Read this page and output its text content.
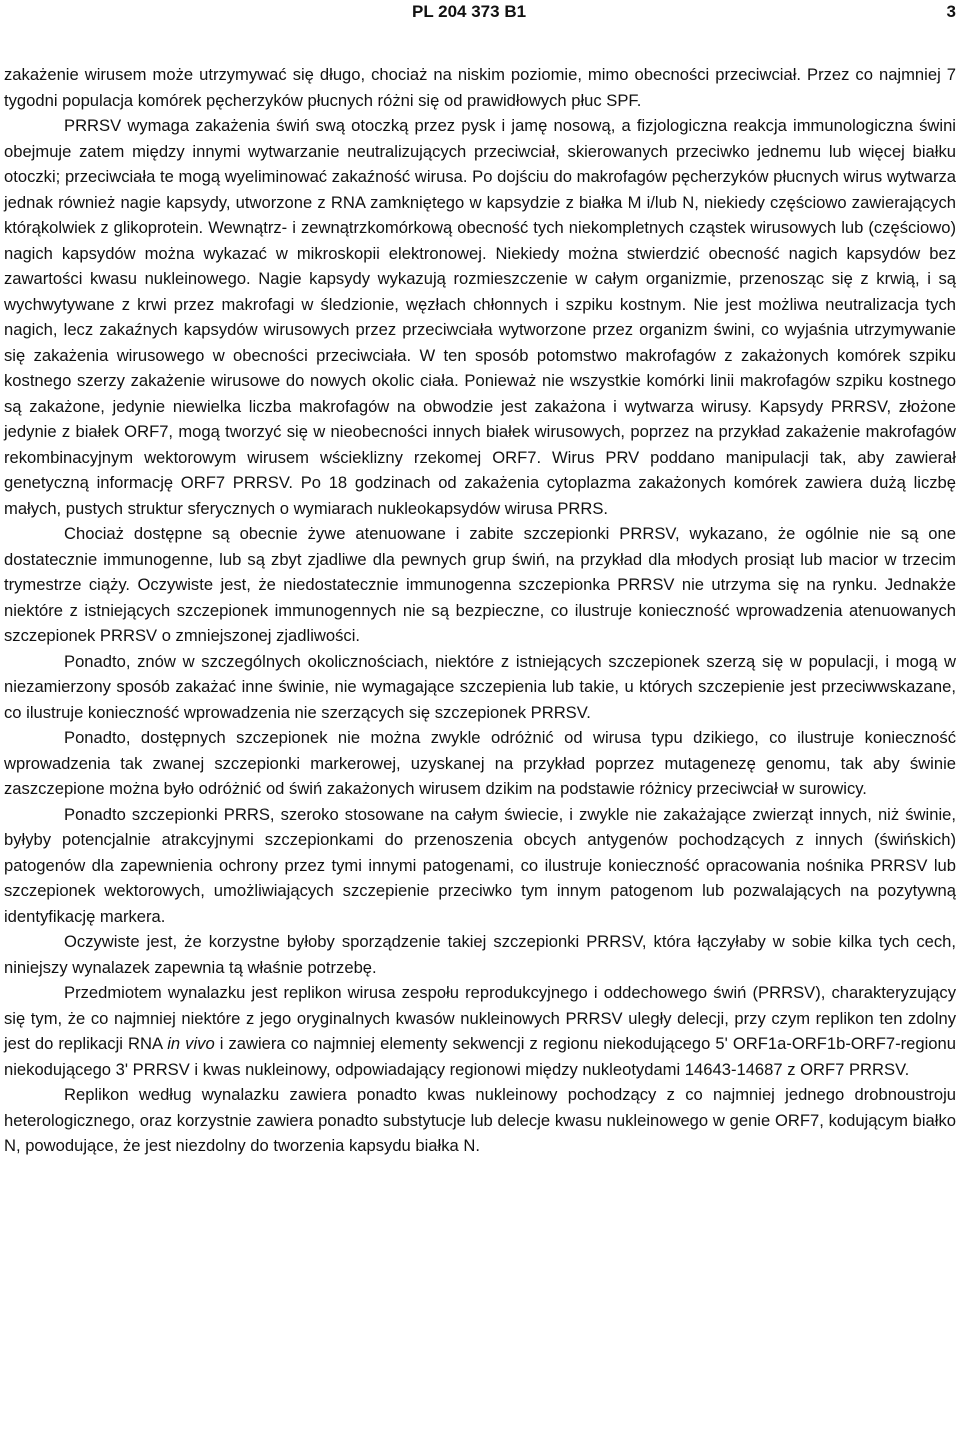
PL 204 373 B1	3

zakażenie wirusem może utrzymywać się długo, chociaż na niskim poziomie, mimo obecności przeciwciał. Przez co najmniej 7 tygodni populacja komórek pęcherzyków płucnych różni się od prawidłowych płuc SPF.

PRRSV wymaga zakażenia świń swą otoczką przez pysk i jamę nosową, a fizjologiczna reakcja immunologiczna świni obejmuje zatem między innymi wytwarzanie neutralizujących przeciwciał, skierowanych przeciwko jednemu lub więcej białku otoczki; przeciwciała te mogą wyeliminować zakaźność wirusa. Po dojściu do makrofagów pęcherzyków płucnych wirus wytwarza jednak również nagie kapsydy, utworzone z RNA zamkniętego w kapsydzie z białka M i/lub N, niekiedy częściowo zawierających którąkolwiek z glikoprotein. Wewnątrz- i zewnątrzkomórkową obecność tych niekompletnych cząstek wirusowych lub (częściowo) nagich kapsydów można wykazać w mikroskopii elektronowej. Niekiedy można stwierdzić obecność nagich kapsydów bez zawartości kwasu nukleinowego. Nagie kapsydy wykazują rozmieszczenie w całym organizmie, przenosząc się z krwią, i są wychwytywane z krwi przez makrofagi w śledzionie, węzłach chłonnych i szpiku kostnym. Nie jest możliwa neutralizacja tych nagich, lecz zakaźnych kapsydów wirusowych przez przeciwciała wytworzone przez organizm świni, co wyjaśnia utrzymywanie się zakażenia wirusowego w obecności przeciwciała. W ten sposób potomstwo makrofagów z zakażonych komórek szpiku kostnego szerzy zakażenie wirusowe do nowych okolic ciała. Ponieważ nie wszystkie komórki linii makrofagów szpiku kostnego są zakażone, jedynie niewielka liczba makrofagów na obwodzie jest zakażona i wytwarza wirusy. Kapsydy PRRSV, złożone jedynie z białek ORF7, mogą tworzyć się w nieobecności innych białek wirusowych, poprzez na przykład zakażenie makrofagów rekombinacyjnym wektorowym wirusem wścieklizny rzekomej ORF7. Wirus PRV poddano manipulacji tak, aby zawierał genetyczną informację ORF7 PRRSV. Po 18 godzinach od zakażenia cytoplazma zakażonych komórek zawiera dużą liczbę małych, pustych struktur sferycznych o wymiarach nukleokapsydów wirusa PRRS.

Chociaż dostępne są obecnie żywe atenuowane i zabite szczepionki PRRSV, wykazano, że ogólnie nie są one dostatecznie immunogenne, lub są zbyt zjadliwe dla pewnych grup świń, na przykład dla młodych prosiąt lub macior w trzecim trymestrze ciąży. Oczywiste jest, że niedostatecznie immunogenna szczepionka PRRSV nie utrzyma się na rynku. Jednakże niektóre z istniejących szczepionek immunogennych nie są bezpieczne, co ilustruje konieczność wprowadzenia atenuowanych szczepionek PRRSV o zmniejszonej zjadliwości.

Ponadto, znów w szczególnych okolicznościach, niektóre z istniejących szczepionek szerzą się w populacji, i mogą w niezamierzony sposób zakażać inne świnie, nie wymagające szczepienia lub takie, u których szczepienie jest przeciwwskazane, co ilustruje konieczność wprowadzenia nie szerzących się szczepionek PRRSV.

Ponadto, dostępnych szczepionek nie można zwykle odróżnić od wirusa typu dzikiego, co ilustruje konieczność wprowadzenia tak zwanej szczepionki markerowej, uzyskanej na przykład poprzez mutagenezę genomu, tak aby świnie zaszczepione można było odróżnić od świń zakażonych wirusem dzikim na podstawie różnicy przeciwciał w surowicy.

Ponadto szczepionki PRRS, szeroko stosowane na całym świecie, i zwykle nie zakażające zwierząt innych, niż świnie, byłyby potencjalnie atrakcyjnymi szczepionkami do przenoszenia obcych antygenów pochodzących z innych (świńskich) patogenów dla zapewnienia ochrony przez tymi innymi patogenami, co ilustruje konieczność opracowania nośnika PRRSV lub szczepionek wektorowych, umożliwiających szczepienie przeciwko tym innym patogenom lub pozwalających na pozytywną identyfikację markera.

Oczywiste jest, że korzystne byłoby sporządzenie takiej szczepionki PRRSV, która łączyłaby w sobie kilka tych cech, niniejszy wynalazek zapewnia tą właśnie potrzebę.

Przedmiotem wynalazku jest replikon wirusa zespołu reprodukcyjnego i oddechowego świń (PRRSV), charakteryzujący się tym, że co najmniej niektóre z jego oryginalnych kwasów nukleinowych PRRSV uległy delecji, przy czym replikon ten zdolny jest do replikacji RNA in vivo i zawiera co najmniej elementy sekwencji z regionu niekodującego 5' ORF1a-ORF1b-ORF7-regionu niekodującego 3' PRRSV i kwas nukleinowy, odpowiadający regionowi między nukleotydami 14643-14687 z ORF7 PRRSV.

Replikon według wynalazku zawiera ponadto kwas nukleinowy pochodzący z co najmniej jednego drobnoustroju heterologicznego, oraz korzystnie zawiera ponadto substytucje lub delecje kwasu nukleinowego w genie ORF7, kodującym białko N, powodujące, że jest niezdolny do tworzenia kapsydu białka N.
